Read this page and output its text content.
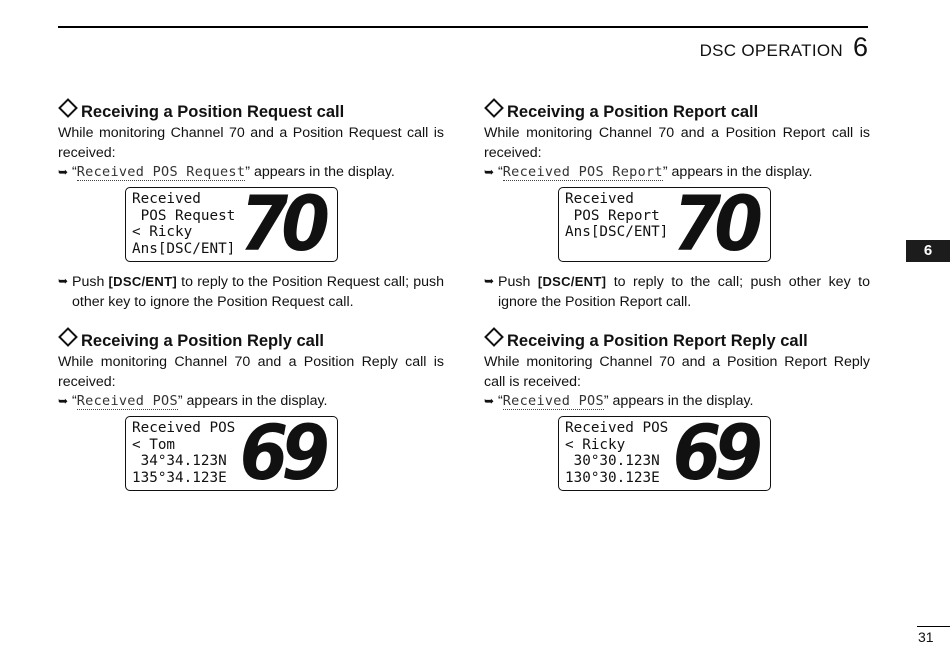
DSC OPERATION 6
6
Receiving a Position Request call

While monitoring Channel 70 and a Position Request call is received:

➥ “Received POS Request” appears in the display.

Received
POS Request
< Ricky
Ans[DSC/ENT] 70

➥ Push [DSC/ENT] to reply to the Position Request call; push other key to ignore the Position Request call.

Receiving a Position Reply call

While monitoring Channel 70 and a Position Reply call is received:

➥ “Received POS” appears in the display.

Received POS
< Tom
34°34.123N
135°34.123E 69
Receiving a Position Report call

While monitoring Channel 70 and a Position Report call is received:

➥ “Received POS Report” appears in the display.

Received
POS Report
Ans[DSC/ENT] 70

➥ Push [DSC/ENT] to reply to the call; push other key to ignore the Position Report call.

Receiving a Position Report Reply call

While monitoring Channel 70 and a Position Report Reply call is received:

➥ “Received POS” appears in the display.

Received POS
< Ricky
30°30.123N
130°30.123E 69
31
